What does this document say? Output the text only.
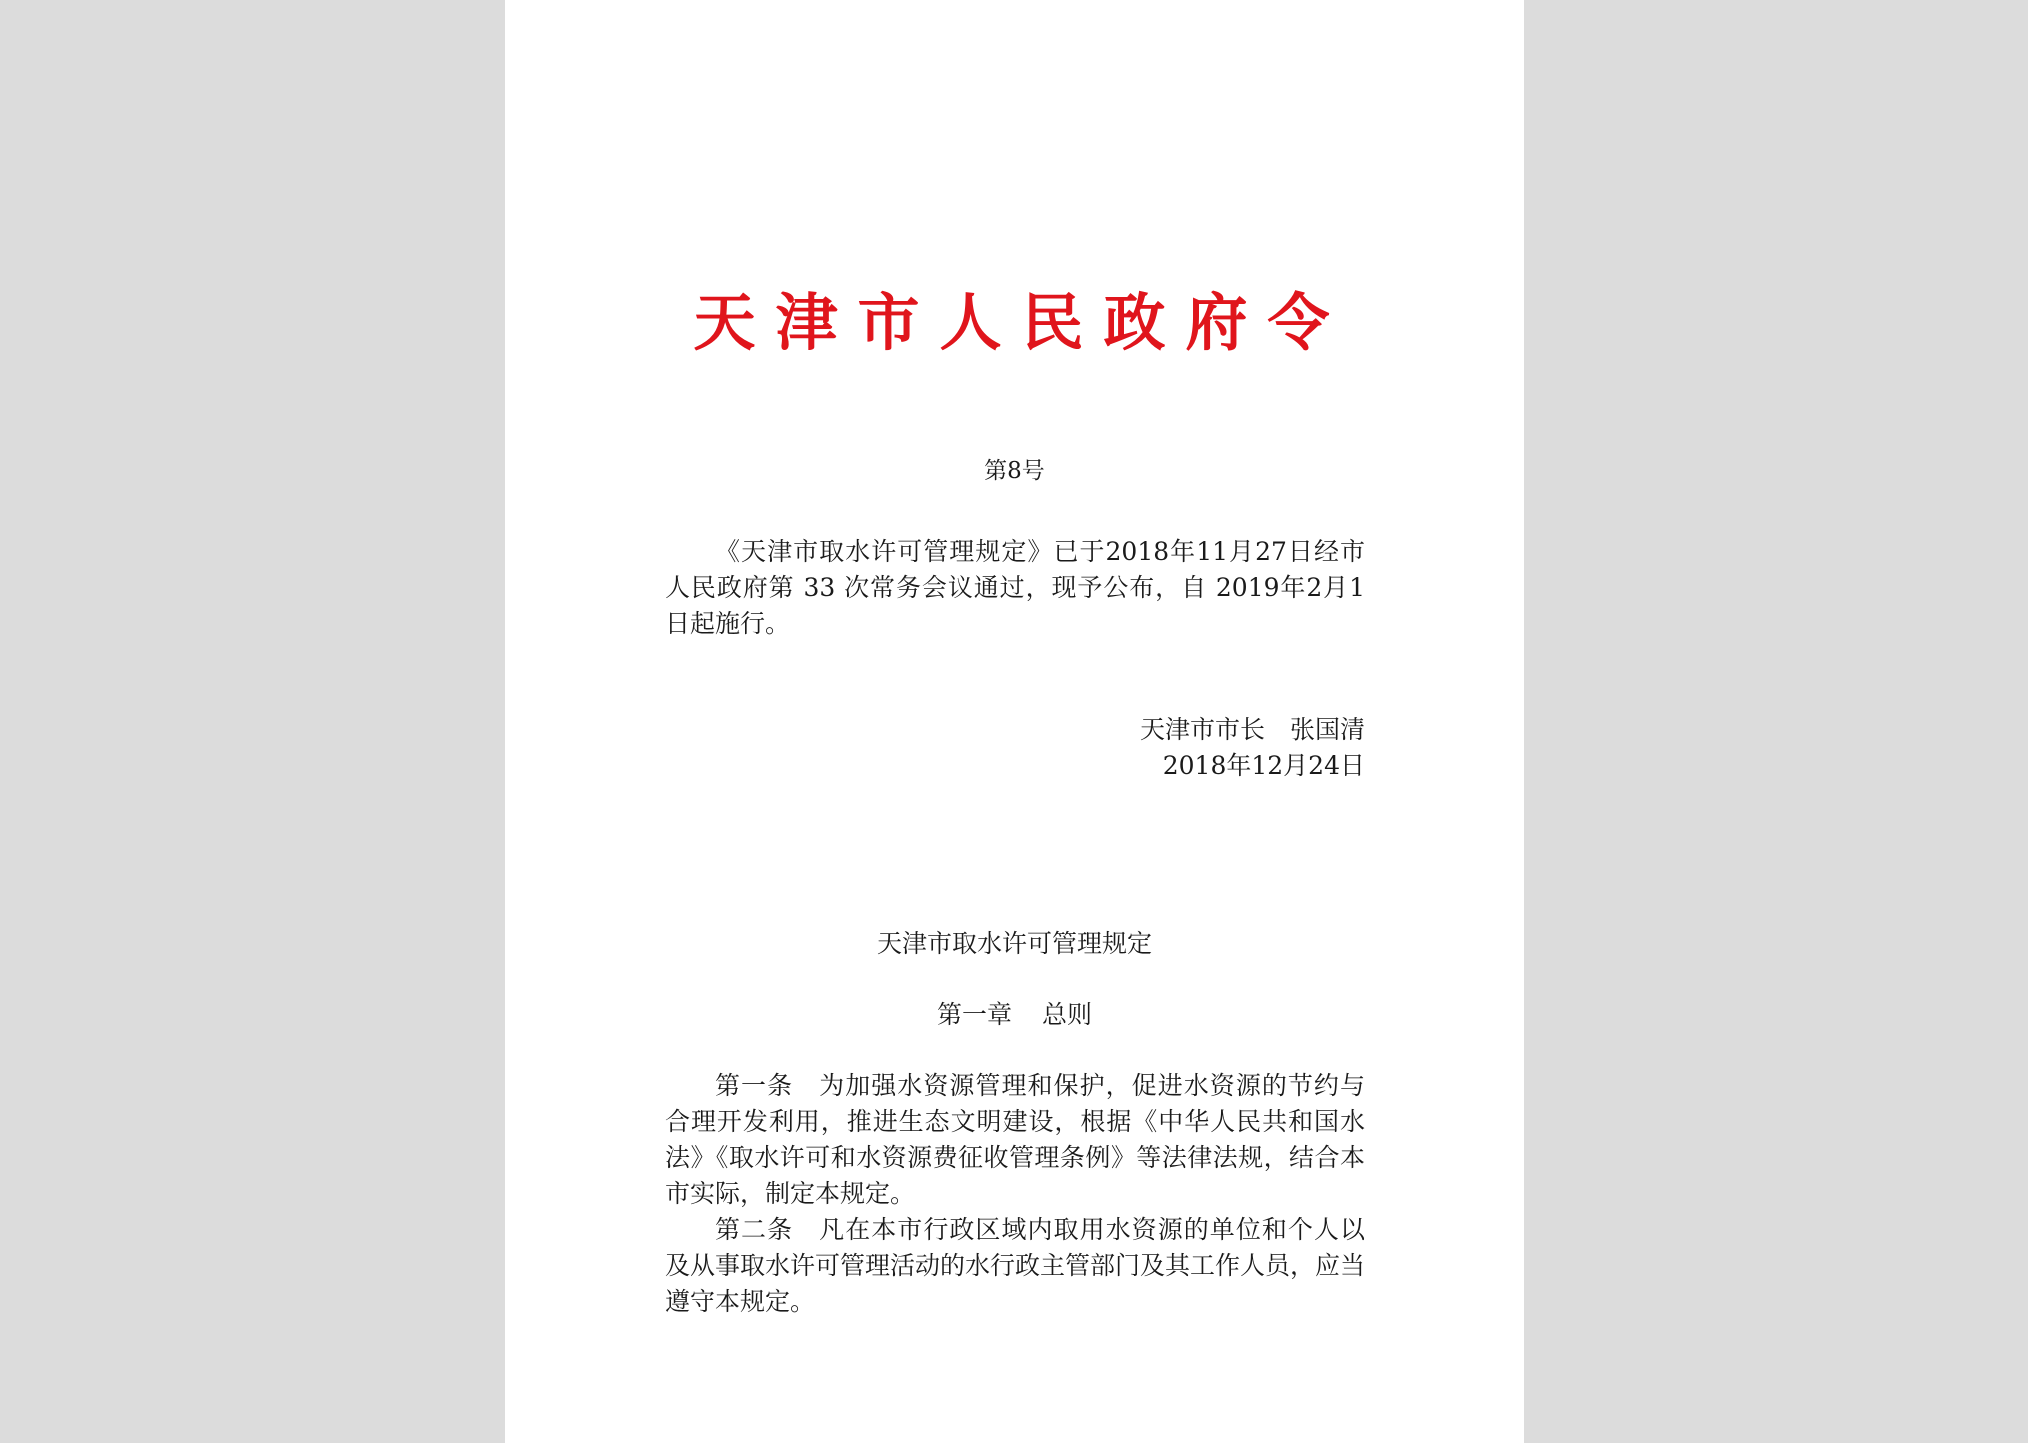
天津市人民政府令
第8号

《天津市取水许可管理规定》已于2018年11月27日经市人民政府第 33 次常务会议通过，现予公布，自 2019年2月1日起施行。

天津市市长　张国清
2018年12月24日
天津市取水许可管理规定
第一章 总则

第一条 为加强水资源管理和保护，促进水资源的节约与合理开发利用，推进生态文明建设，根据《中华人民共和国水法》《取水许可和水资源费征收管理条例》等法律法规，结合本市实际，制定本规定。

第二条 凡在本市行政区域内取用水资源的单位和个人以及从事取水许可管理活动的水行政主管部门及其工作人员，应当遵守本规定。
